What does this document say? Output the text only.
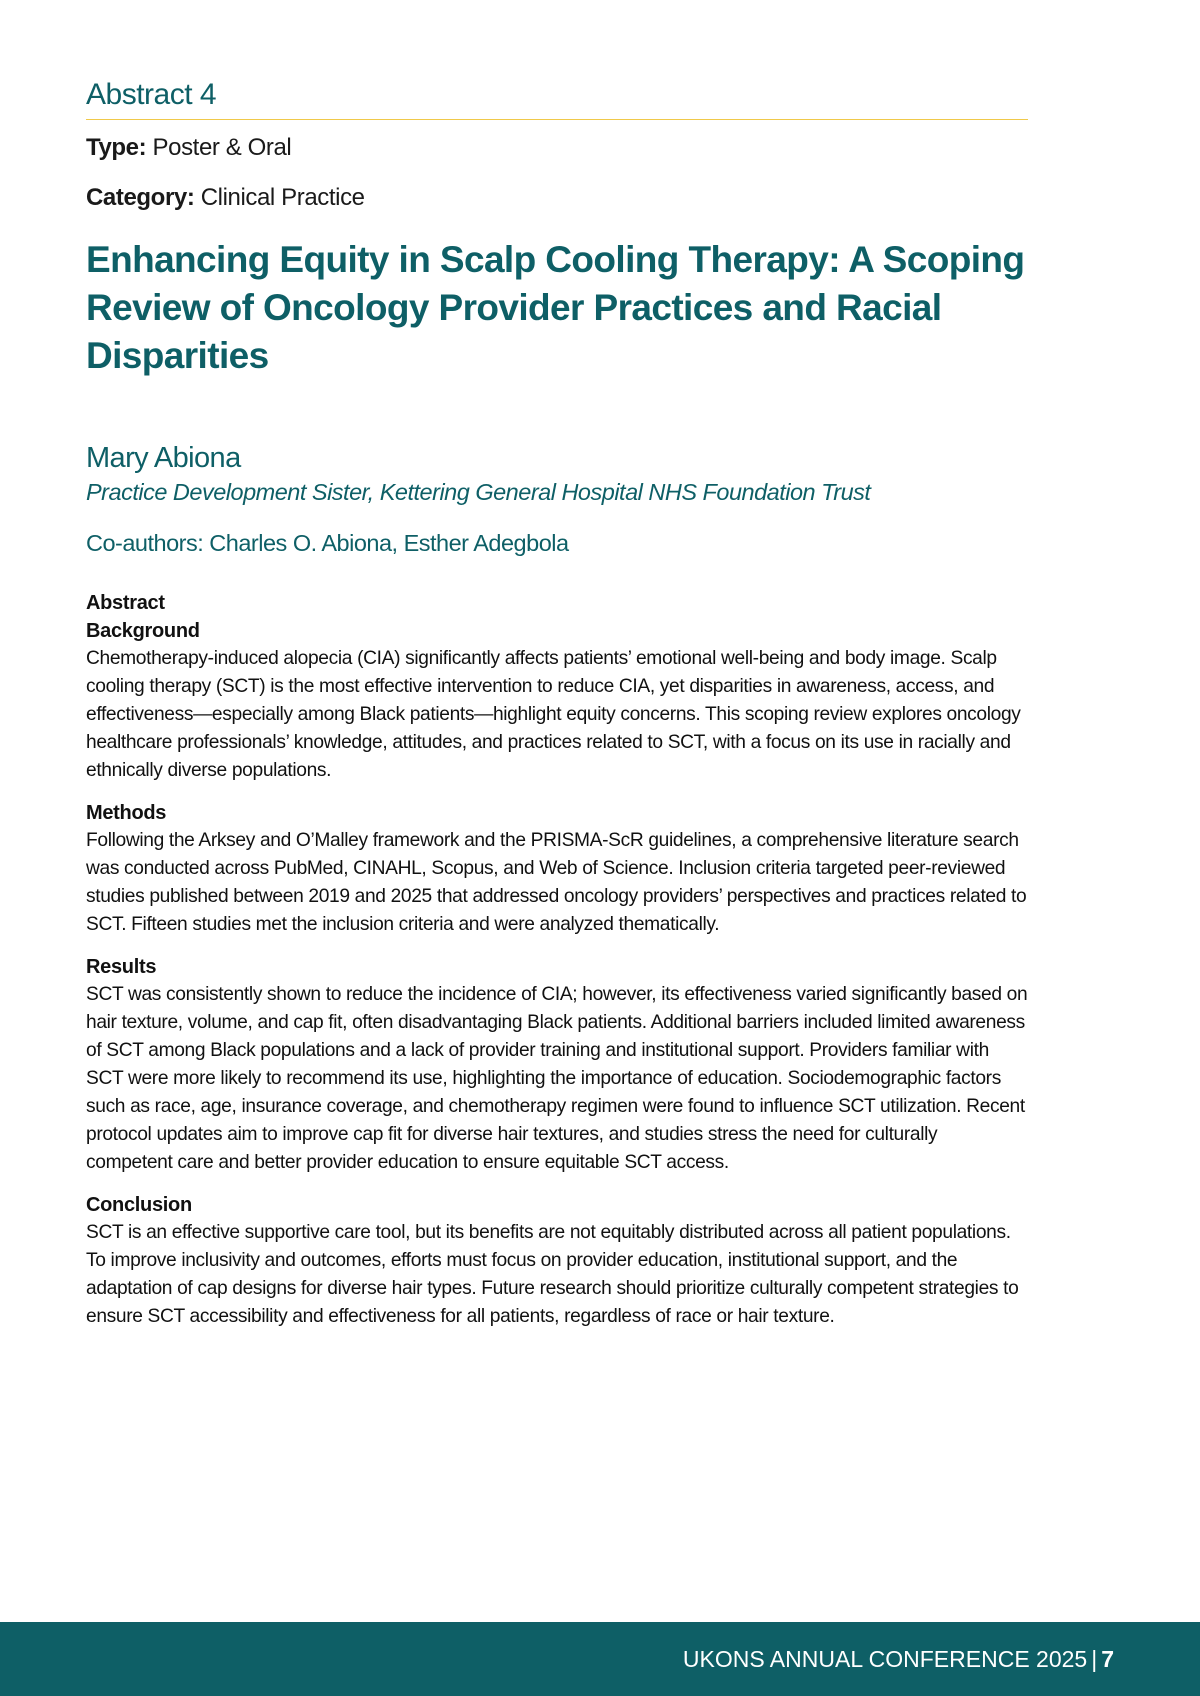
Abstract 4
Type: Poster & Oral
Category: Clinical Practice
Enhancing Equity in Scalp Cooling Therapy: A Scoping Review of Oncology Provider Practices and Racial Disparities
Mary Abiona
Practice Development Sister, Kettering General Hospital NHS Foundation Trust
Co-authors: Charles O. Abiona, Esther Adegbola
Abstract
Background

Chemotherapy-induced alopecia (CIA) significantly affects patients’ emotional well-being and body image. Scalp cooling therapy (SCT) is the most effective intervention to reduce CIA, yet disparities in awareness, access, and effectiveness—especially among Black patients—highlight equity concerns. This scoping review explores oncology healthcare professionals’ knowledge, attitudes, and practices related to SCT, with a focus on its use in racially and ethnically diverse populations.

Methods

Following the Arksey and O’Malley framework and the PRISMA-ScR guidelines, a comprehensive literature search was conducted across PubMed, CINAHL, Scopus, and Web of Science. Inclusion criteria targeted peer-reviewed studies published between 2019 and 2025 that addressed oncology providers’ perspectives and practices related to SCT. Fifteen studies met the inclusion criteria and were analyzed thematically.

Results

SCT was consistently shown to reduce the incidence of CIA; however, its effectiveness varied significantly based on hair texture, volume, and cap fit, often disadvantaging Black patients. Additional barriers included limited awareness of SCT among Black populations and a lack of provider training and institutional support. Providers familiar with SCT were more likely to recommend its use, highlighting the importance of education. Sociodemographic factors such as race, age, insurance coverage, and chemotherapy regimen were found to influence SCT utilization. Recent protocol updates aim to improve cap fit for diverse hair textures, and studies stress the need for culturally competent care and better provider education to ensure equitable SCT access.

Conclusion

SCT is an effective supportive care tool, but its benefits are not equitably distributed across all patient populations. To improve inclusivity and outcomes, efforts must focus on provider education, institutional support, and the adaptation of cap designs for diverse hair types. Future research should prioritize culturally competent strategies to ensure SCT accessibility and effectiveness for all patients, regardless of race or hair texture.

UKONS ANNUAL CONFERENCE 2025 | 7
